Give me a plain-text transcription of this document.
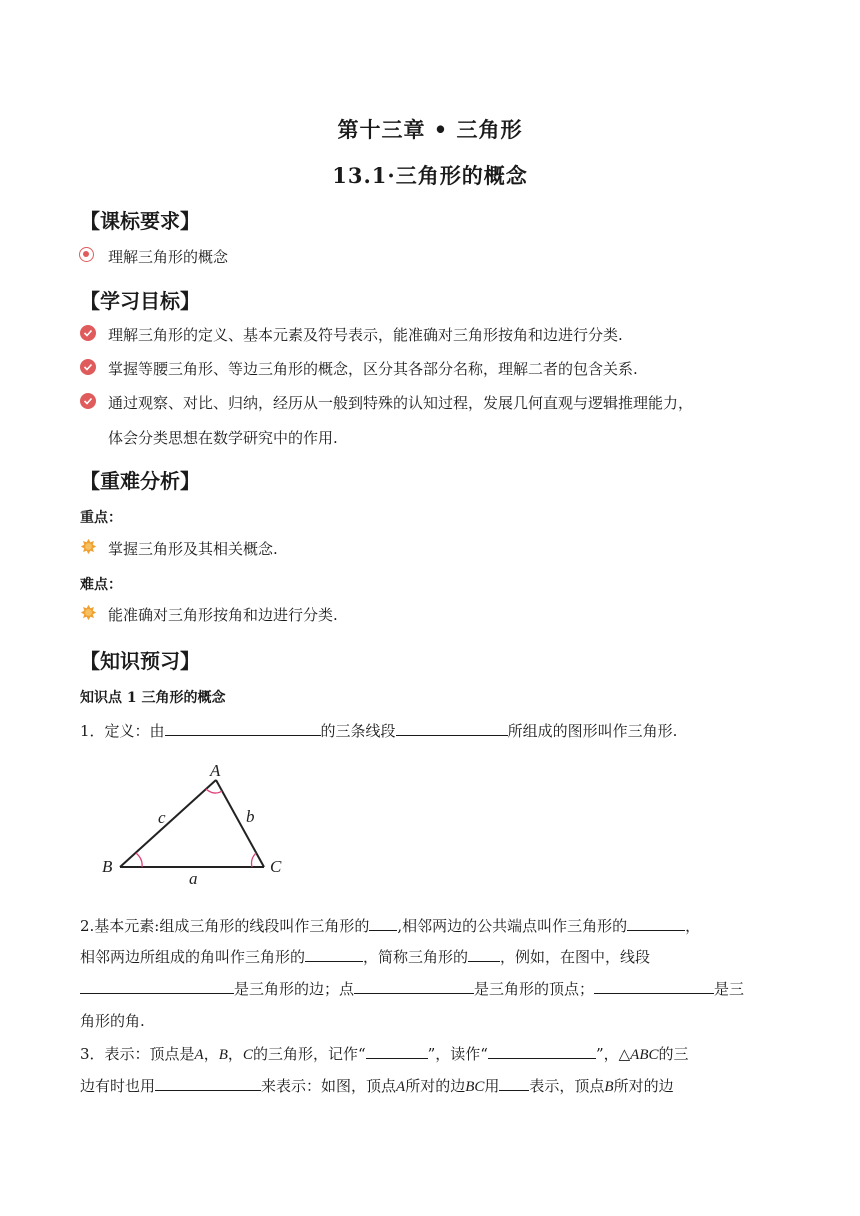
第十三章 • 三角形
13.1·三角形的概念
【课标要求】
理解三角形的概念
【学习目标】
理解三角形的定义、基本元素及符号表示，能准确对三角形按角和边进行分类.
掌握等腰三角形、等边三角形的概念，区分其各部分名称，理解二者的包含关系.
通过观察、对比、归纳，经历从一般到特殊的认知过程，发展几何直观与逻辑推理能力，
体会分类思想在数学研究中的作用.
【重难分析】
重点：
掌握三角形及其相关概念.
难点：
能准确对三角形按角和边进行分类.
【知识预习】
知识点 1 三角形的概念
1．定义：由	的三条线段	所组成的图形叫作三角形.
A
B	C
a
b
c
2.基本元素:组成三角形的线段叫作三角形的 ,相邻两边的公共端点叫作三角形的	，
相邻两边所组成的角叫作三角形的	，简称三角形的 ，例如，在图中，线段
是三角形的边；点	是三角形的顶点；	是三
角形的角.
3．表示：顶点是A，B，C的三角形，记作“	”，读作“	”，△ABC的三
边有时也用	来表示：如图，顶点A所对的边BC用 表示，顶点B所对的边
